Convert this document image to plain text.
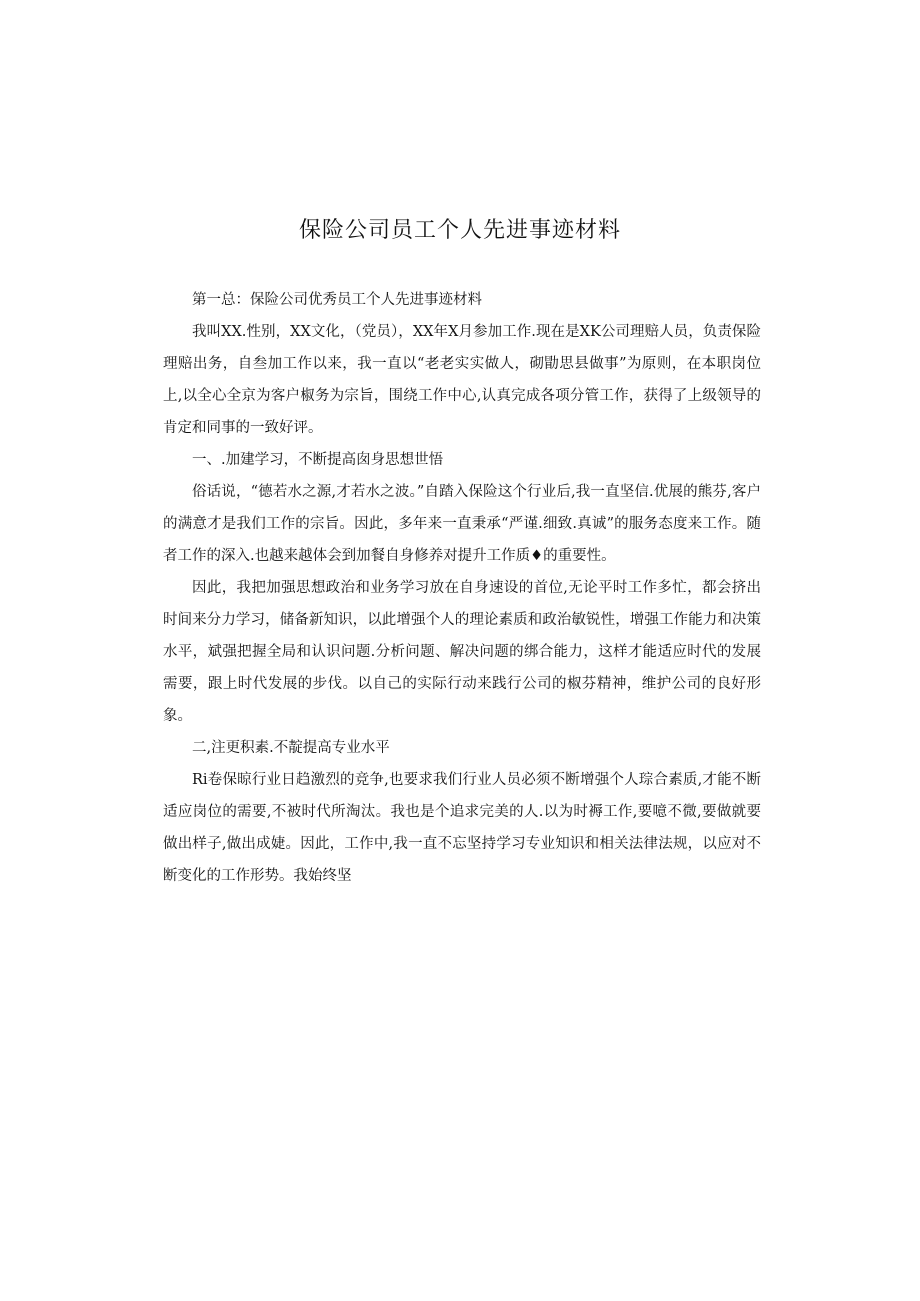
保险公司员工个人先进事迹材料

第一总：保险公司优秀员工个人先进事迹材料

我叫XX.性别，XX文化，（党员），XX年X月参加工作.现在是XK公司理赔人员，负责保险理赔出务，自叁加工作以来，我一直以“老老实实做人，砌勖思县做事”为原则，在本职岗位上,以全心全京为客户椒务为宗旨，围绕工作中心,认真完成各项分管工作，获得了上级领导的肯定和同事的一致好评。

一、.加建学习，不断提高囱身思想世悟

俗话说，“德若水之源,才若水之波。”自踏入保险这个行业后,我一直坚信.优展的熊芬,客户的满意才是我们工作的宗旨。因此，多年来一直秉承“严谨.细致.真诚”的服务态度来工作。随者工作的深入.也越来越体会到加餐自身修养对提升工作质♦的重要性。

因此，我把加强思想政治和业务学习放在自身速设的首位,无论平时工作多忙，都会挤出时间来分力学习，储备新知识，以此增强个人的理论素质和政治敏锐性，增强工作能力和决策水平，斌强把握全局和认识问题.分析问题、解决问题的绑合能力，这样才能适应时代的发展需要，跟上时代发展的步伐。以自己的实际行动来践行公司的椒芬精神，维护公司的良好形象。

二,注更积素.不靛提高专业水平

Ri卷保晾行业日趋激烈的竞争,也要求我们行业人员必须不断增强个人琮合素质,才能不断适应岗位的需要,不被时代所淘汰。我也是个追求完美的人.以为时褥工作,要噫不微,要做就要做出样子,做出成婕。因此，工作中,我一直不忘坚持学习专业知识和相关法律法规，以应对不断变化的工作形势。我始终坚
